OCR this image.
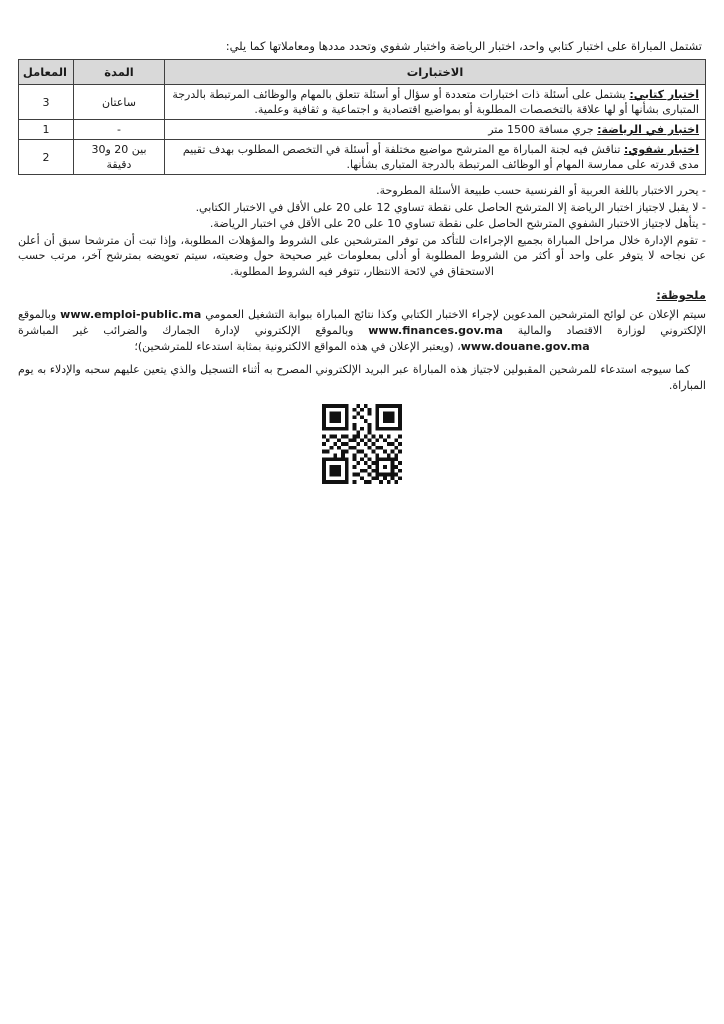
تشتمل المباراة على اختبار كتابي واحد، اختبار الرياضة واختبار شفوي وتحدد مددها ومعاملاتها كما يلي:

الاختبارات	المدة	المعامل
اختبار كتابي: يشتمل على أسئلة ذات اختبارات متعددة أو سؤال أو أسئلة تتعلق بالمهام والوظائف المرتبطة بالدرجة المتبارى بشأنها أو لها علاقة بالتخصصات المطلوبة أو بمواضيع اقتصادية و اجتماعية و ثقافية وعلمية.	ساعتان	3
اختبار في الرياضة: جري مسافة 1500 متر	-	1
اختبار شفوي: تناقش فيه لجنة المباراة مع المترشح مواضيع مختلفة أو أسئلة في التخصص المطلوب بهدف تقييم مدى قدرته على ممارسة المهام أو الوظائف المرتبطة بالدرجة المتبارى بشأنها.	بين 20 و30 دقيقة	2

- يحرر الاختبار باللغة العربية أو الفرنسية حسب طبيعة الأسئلة المطروحة.

- لا يقبل لاجتياز اختبار الرياضة إلا المترشح الحاصل على نقطة تساوي 12 على 20 على الأقل في الاختبار الكتابي.

- يتأهل لاجتياز الاختبار الشفوي المترشح الحاصل على نقطة تساوي 10 على 20 على الأقل في اختبار الرياضة.

- تقوم الإدارة خلال مراحل المباراة بجميع الإجراءات للتأكد من توفر المترشحين على الشروط والمؤهلات المطلوبة، وإذا تبت أن مترشحا سبق أن أعلن عن نجاحه لا يتوفر على واحد أو أكثر من الشروط المطلوبة أو أدلى بمعلومات غير صحيحة حول وضعيته، سيتم تعويضه بمترشح آخر، مرتب حسب الاستحقاق في لائحة الانتظار، تتوفر فيه الشروط المطلوبة.

ملحوظة:

سيتم الإعلان عن لوائح المترشحين المدعوين لإجراء الاختبار الكتابي وكذا نتائج المباراة ببوابة التشغيل العمومي www.emploi-public.ma وبالموقع الإلكتروني لوزارة الاقتصاد والمالية www.finances.gov.ma وبالموقع الإلكتروني لإدارة الجمارك والضرائب غير المباشرة www.douane.gov.ma، (ويعتبر الإعلان في هذه المواقع الالكترونية بمثابة استدعاء للمترشحين)؛

كما سيوجه استدعاء للمرشحين المقبولين لاجتياز هذه المباراة عبر البريد الإلكتروني المصرح به أثناء التسجيل والذي يتعين عليهم سحبه والإدلاء به يوم المباراة.
